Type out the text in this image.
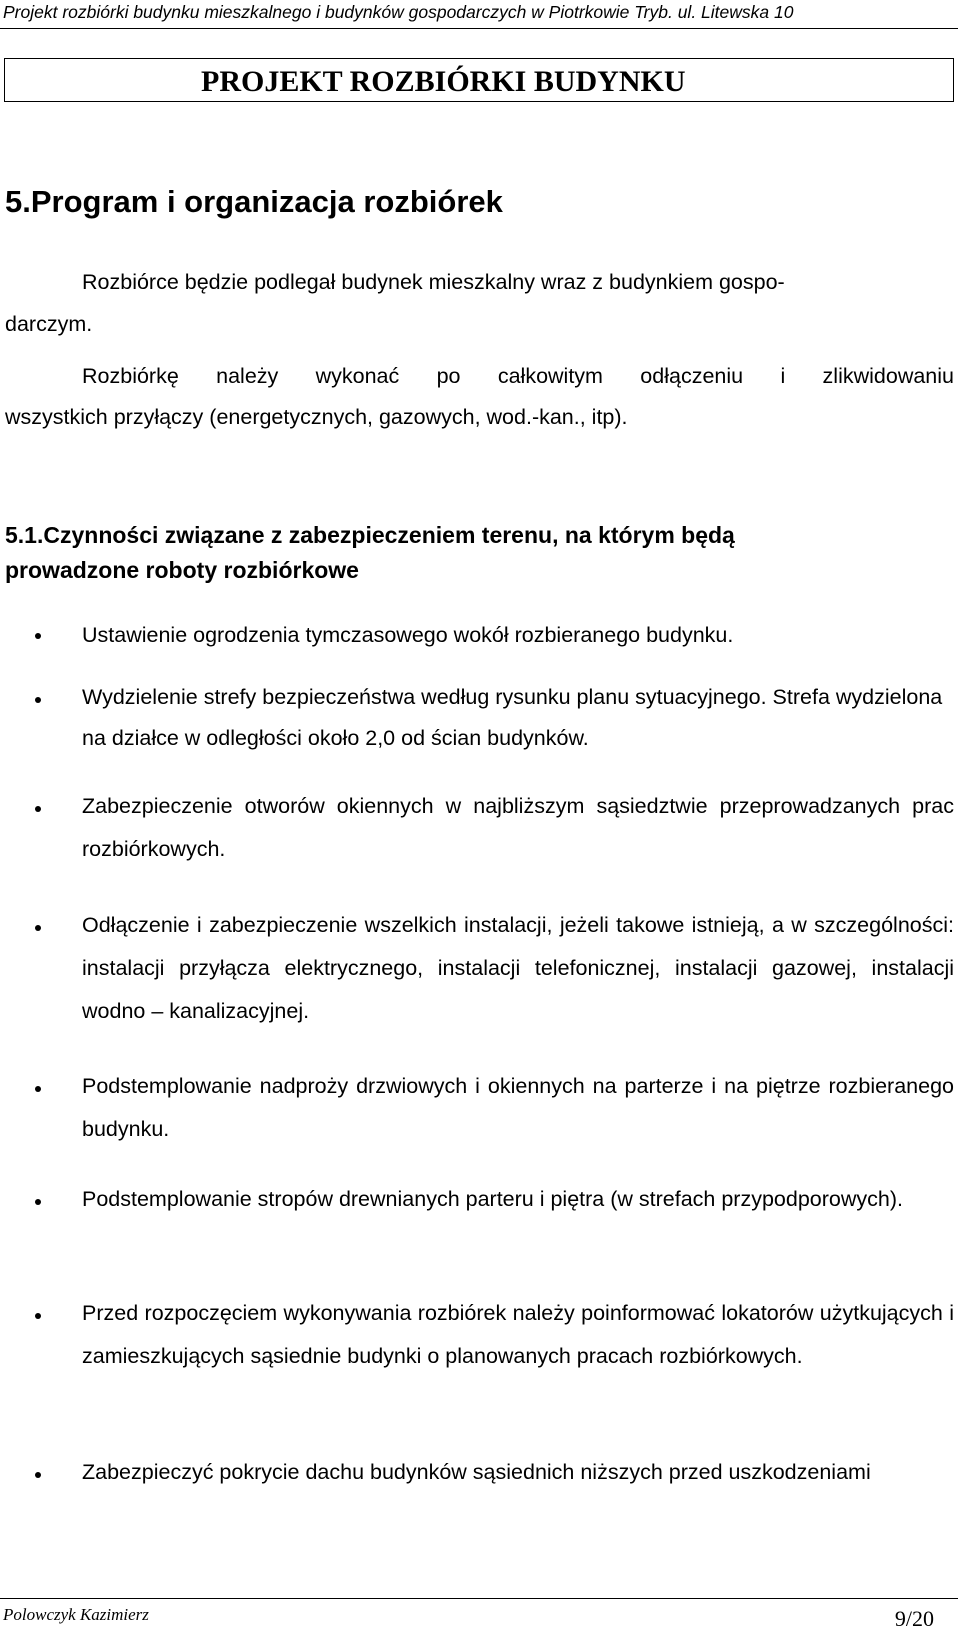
Projekt rozbiórki budynku mieszkalnego i budynków gospodarczych w Piotrkowie Tryb. ul. Litewska 10
PROJEKT ROZBIÓRKI BUDYNKU
5.Program i organizacja rozbiórek
Rozbiórce będzie podlegał budynek mieszkalny wraz z budynkiem gospo-
darczym.
Rozbiórkę należy wykonać po całkowitym odłączeniu i zlikwidowaniu
wszystkich przyłączy (energetycznych, gazowych, wod.-kan., itp).
5.1.Czynności związane z zabezpieczeniem terenu, na którym będą
prowadzone roboty rozbiórkowe
Ustawienie ogrodzenia tymczasowego wokół rozbieranego budynku.
Wydzielenie strefy bezpieczeństwa według rysunku planu sytuacyjnego. Strefa wydzielona na działce w odległości około 2,0 od ścian budynków.
Zabezpieczenie otworów okiennych w najbliższym sąsiedztwie przeprowadzanych prac rozbiórkowych.
Odłączenie i zabezpieczenie wszelkich instalacji, jeżeli takowe istnieją, a w szczególności: instalacji przyłącza elektrycznego, instalacji telefonicznej, instalacji gazowej, instalacji wodno – kanalizacyjnej.
Podstemplowanie nadproży drzwiowych i okiennych na parterze i na piętrze rozbieranego budynku.
Podstemplowanie stropów drewnianych parteru i piętra (w strefach przypodporowych).
Przed rozpoczęciem wykonywania rozbiórek należy poinformować lokatorów użytkujących i zamieszkujących sąsiednie budynki o planowanych pracach rozbiórkowych.
Zabezpieczyć pokrycie dachu budynków sąsiednich niższych przed uszkodzeniami
Polowczyk Kazimierz	9/20
